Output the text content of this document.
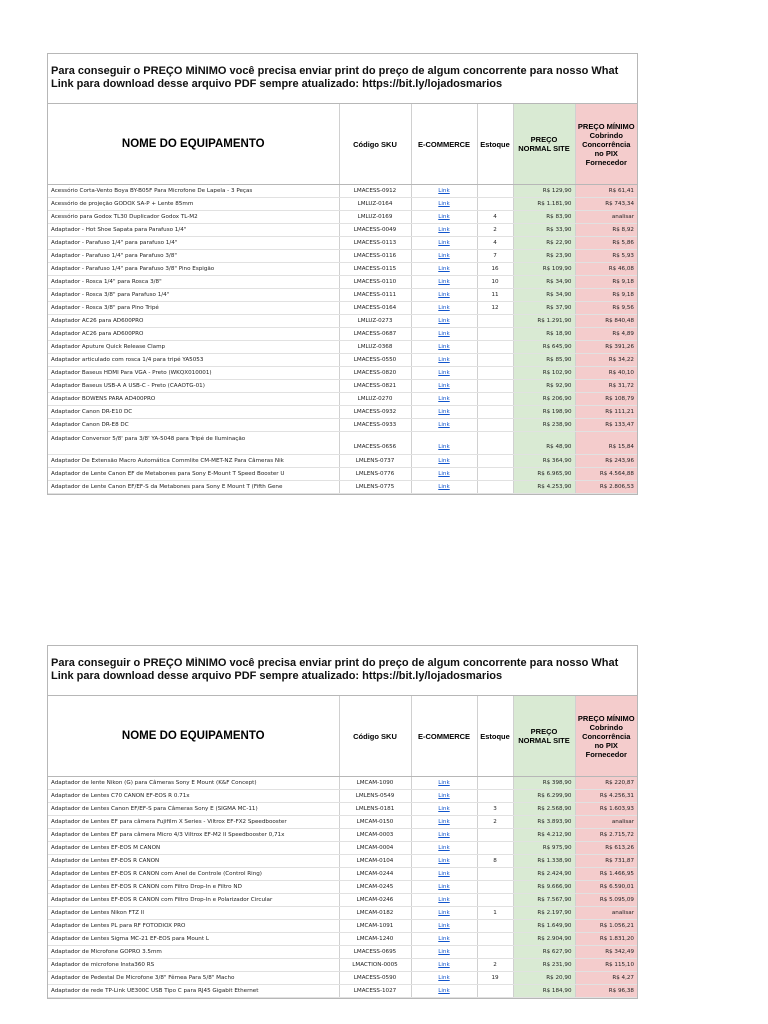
Para conseguir o PREÇO MÍNIMO você precisa enviar print do preço de algum concorrente para nosso What
Link para download desse arquivo PDF sempre atualizado: https://bit.ly/lojadosmarios
NOME DO EQUIPAMENTO	Código SKU	E-COMMERCE	Estoque	PREÇO NORMAL SITE	PREÇO MÍNIMO Cobrindo Concorrência no PIX Fornecedor
Acessório Corta-Vento Boya BY-B05F Para Microfone De Lapela - 3 Peças	LMACESS-0912	Link		R$ 129,90	R$ 61,41
Acessório de projeção GODOX SA-P + Lente 85mm	LMLUZ-0164	Link		R$ 1.181,90	R$ 743,34
Acessório para Godox TL30 Duplicador Godox TL-M2	LMLUZ-0169	Link	4	R$ 83,90	analisar
Adaptador - Hot Shoe Sapata para Parafuso 1/4"	LMACESS-0049	Link	2	R$ 33,90	R$ 8,92
Adaptador - Parafuso 1/4" para parafuso 1/4"	LMACESS-0113	Link	4	R$ 22,90	R$ 5,86
Adaptador - Parafuso 1/4" para Parafuso 3/8"	LMACESS-0116	Link	7	R$ 23,90	R$ 5,93
Adaptador - Parafuso 1/4" para Parafuso 3/8" Pino Espigão	LMACESS-0115	Link	16	R$ 109,90	R$ 46,08
Adaptador - Rosca 1/4" para Rosca 3/8"	LMACESS-0110	Link	10	R$ 34,90	R$ 9,18
Adaptador - Rosca 3/8" para Parafuso 1/4"	LMACESS-0111	Link	11	R$ 34,90	R$ 9,18
Adaptador - Rosca 3/8" para Pino Tripé	LMACESS-0164	Link	12	R$ 37,90	R$ 9,56
Adaptador AC26 para AD600PRO	LMLUZ-0273	Link		R$ 1.291,90	R$ 840,48
Adaptador AC26 para AD600PRO	LMACESS-0687	Link		R$ 18,90	R$ 4,89
Adaptador Aputure Quick Release Clamp	LMLUZ-0368	Link		R$ 645,90	R$ 391,26
Adaptador articulado com rosca 1/4 para tripé YA5053	LMACESS-0550	Link		R$ 85,90	R$ 34,22
Adaptador Baseus HDMI Para VGA - Preto (WKQX010001)	LMACESS-0820	Link		R$ 102,90	R$ 40,10
Adaptador Baseus USB-A A USB-C - Preto (CAAOTG-01)	LMACESS-0821	Link		R$ 92,90	R$ 31,72
Adaptador BOWENS PARA AD400PRO	LMLUZ-0270	Link		R$ 206,90	R$ 108,79
Adaptador Canon DR-E10 DC	LMACESS-0932	Link		R$ 198,90	R$ 111,21
Adaptador Canon DR-E8 DC	LMACESS-0933	Link		R$ 238,90	R$ 133,47
Adaptador Conversor 5/8' para 3/8' YA-5048 para Tripé de Iluminação	LMACESS-0656	Link		R$ 48,90	R$ 15,84
Adaptador De Extensão Macro Automática Commlite CM-MET-NZ Para Câmeras Nik	LMLENS-0737	Link		R$ 364,90	R$ 243,96
Adaptador de Lente Canon EF de Metabones para Sony E-Mount T Speed Booster U	LMLENS-0776	Link		R$ 6.965,90	R$ 4.564,88
Adaptador de Lente Canon EF/EF-S da Metabones para Sony E Mount T (Fifth Gene	LMLENS-0775	Link		R$ 4.253,90	R$ 2.806,53
Para conseguir o PREÇO MÍNIMO você precisa enviar print do preço de algum concorrente para nosso What
Link para download desse arquivo PDF sempre atualizado: https://bit.ly/lojadosmarios
NOME DO EQUIPAMENTO	Código SKU	E-COMMERCE	Estoque	PREÇO NORMAL SITE	PREÇO MÍNIMO Cobrindo Concorrência no PIX Fornecedor
Adaptador de lente Nikon (G) para Câmeras Sony E Mount (K&F Concept)	LMCAM-1090	Link		R$ 398,90	R$ 220,87
Adaptador de Lentes C70 CANON EF-EOS R 0.71x	LMLENS-0549	Link		R$ 6.299,90	R$ 4.256,31
Adaptador de Lentes Canon EF/EF-S para Câmeras Sony E (SIGMA MC-11)	LMLENS-0181	Link	3	R$ 2.568,90	R$ 1.603,93
Adaptador de Lentes EF para câmera Fujifilm X Series - Viltrox EF-FX2 Speedbooster	LMCAM-0150	Link	2	R$ 3.893,90	analisar
Adaptador de Lentes EF para câmera Micro 4/3 Viltrox EF-M2 II Speedbooster 0,71x	LMCAM-0003	Link		R$ 4.212,90	R$ 2.715,72
Adaptador de Lentes EF-EOS M CANON	LMCAM-0004	Link		R$ 975,90	R$ 613,26
Adaptador de Lentes EF-EOS R CANON	LMCAM-0104	Link	8	R$ 1.338,90	R$ 731,87
Adaptador de Lentes EF-EOS R CANON com Anel de Controle (Control Ring)	LMCAM-0244	Link		R$ 2.424,90	R$ 1.466,95
Adaptador de Lentes EF-EOS R CANON com Filtro Drop-In e Filtro ND	LMCAM-0245	Link		R$ 9.666,90	R$ 6.590,01
Adaptador de Lentes EF-EOS R CANON com Filtro Drop-In e Polarizador Circular	LMCAM-0246	Link		R$ 7.567,90	R$ 5.095,09
Adaptador de Lentes Nikon FTZ II	LMCAM-0182	Link	1	R$ 2.197,90	analisar
Adaptador de Lentes PL para RF FOTODIOX PRO	LMCAM-1091	Link		R$ 1.649,90	R$ 1.056,21
Adaptador de Lentes Sigma MC-21 EF-EOS para Mount L	LMCAM-1240	Link		R$ 2.904,90	R$ 1.831,20
Adaptador de Microfone GOPRO 3.5mm	LMACESS-0695	Link		R$ 627,90	R$ 342,49
Adaptador de microfone Insta360 RS	LMACTION-0005	Link	2	R$ 231,90	R$ 115,10
Adaptador de Pedestal De Microfone 3/8" Fêmea Para 5/8" Macho	LMACESS-0590	Link	19	R$ 20,90	R$ 4,27
Adaptador de rede TP-Link UE300C USB Tipo C para RJ45 Gigabit Ethernet	LMACESS-1027	Link		R$ 184,90	R$ 96,38
